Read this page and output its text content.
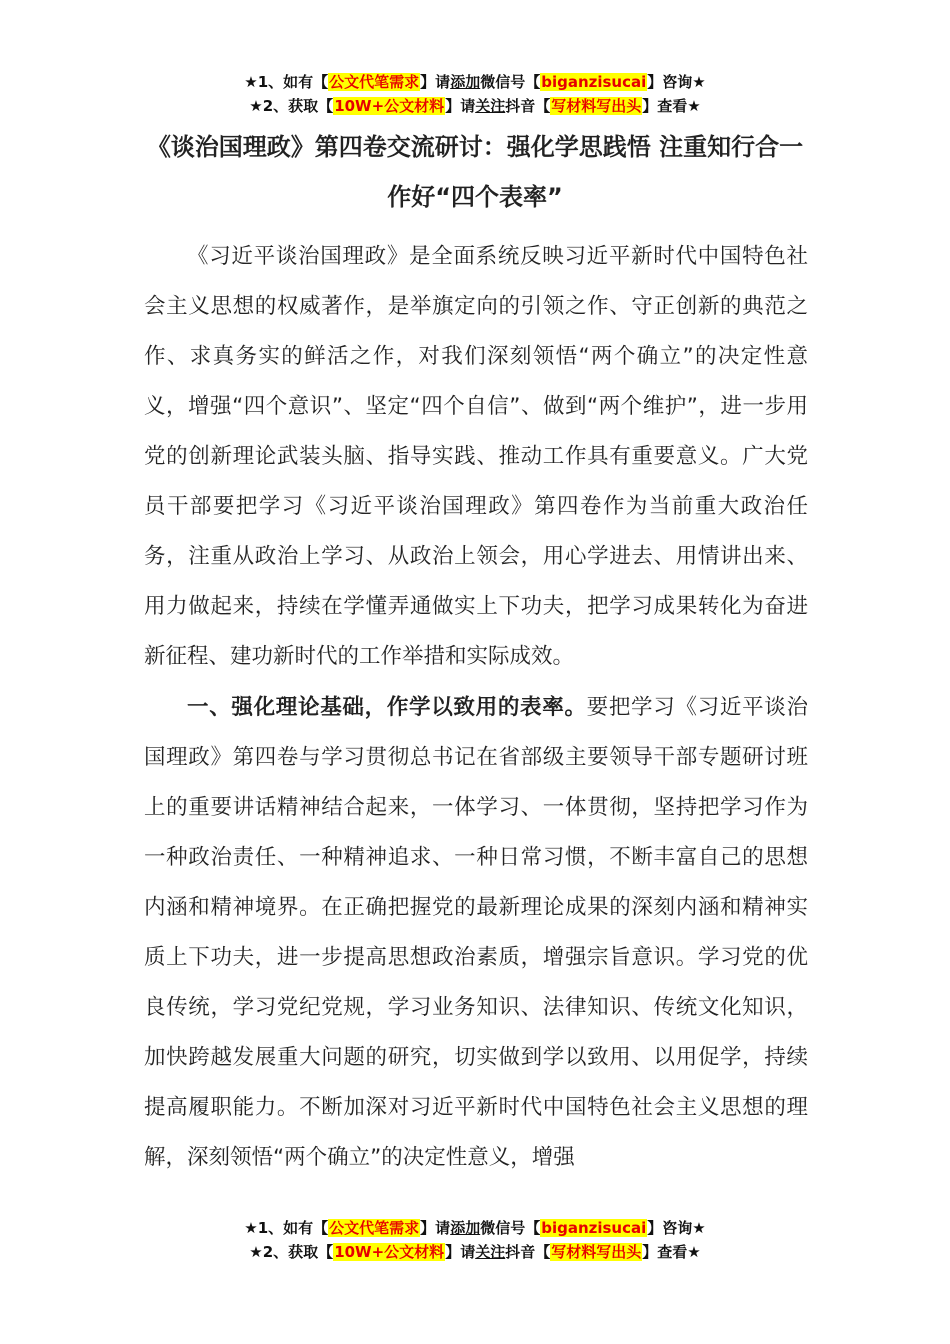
★1、如有【公文代笔需求】请添加微信号【biganzisucai】咨询★
★2、获取【10W+公文材料】请关注抖音【写材料写出头】查看★
《谈治国理政》第四卷交流研讨：强化学思践悟 注重知行合一 作好“四个表率”

《习近平谈治国理政》是全面系统反映习近平新时代中国特色社会主义思想的权威著作，是举旗定向的引领之作、守正创新的典范之作、求真务实的鲜活之作，对我们深刻领悟“两个确立”的决定性意义，增强“四个意识”、坚定“四个自信”、做到“两个维护”，进一步用党的创新理论武装头脑、指导实践、推动工作具有重要意义。广大党员干部要把学习《习近平谈治国理政》第四卷作为当前重大政治任务，注重从政治上学习、从政治上领会，用心学进去、用情讲出来、用力做起来，持续在学懂弄通做实上下功夫，把学习成果转化为奋进新征程、建功新时代的工作举措和实际成效。

一、强化理论基础，作学以致用的表率。要把学习《习近平谈治国理政》第四卷与学习贯彻总书记在省部级主要领导干部专题研讨班上的重要讲话精神结合起来，一体学习、一体贯彻，坚持把学习作为一种政治责任、一种精神追求、一种日常习惯，不断丰富自己的思想内涵和精神境界。在正确把握党的最新理论成果的深刻内涵和精神实质上下功夫，进一步提高思想政治素质，增强宗旨意识。学习党的优良传统，学习党纪党规，学习业务知识、法律知识、传统文化知识，加快跨越发展重大问题的研究，切实做到学以致用、以用促学，持续提高履职能力。不断加深对习近平新时代中国特色社会主义思想的理解，深刻领悟“两个确立”的决定性意义，增强

★1、如有【公文代笔需求】请添加微信号【biganzisucai】咨询★
★2、获取【10W+公文材料】请关注抖音【写材料写出头】查看★
